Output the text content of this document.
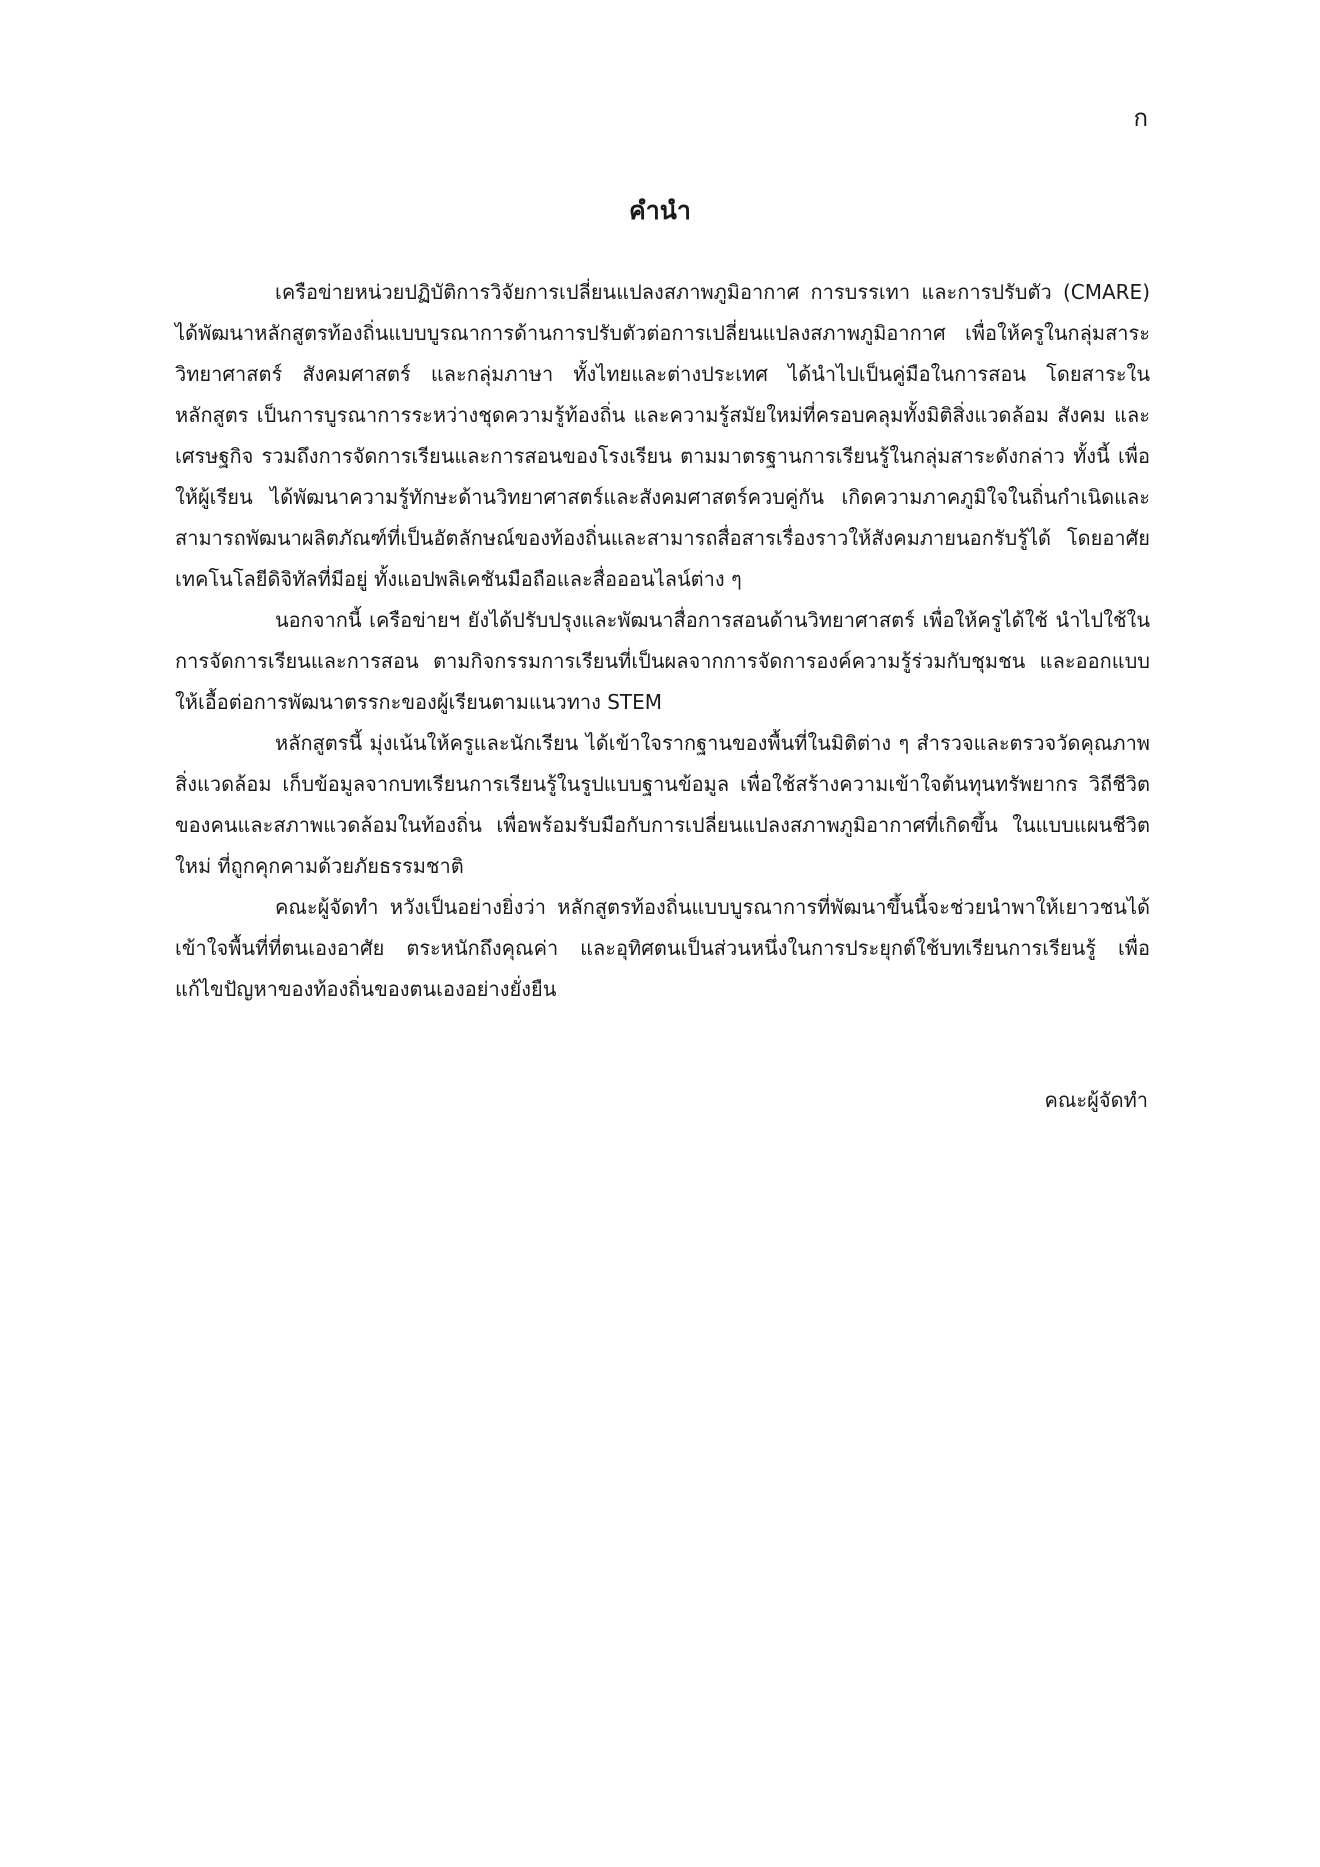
ก
คำนำ

เครือข่ายหน่วยปฏิบัติการวิจัยการเปลี่ยนแปลงสภาพภูมิอากาศ การบรรเทา และการปรับตัว (CMARE) ได้พัฒนาหลักสูตรท้องถิ่นแบบบูรณาการด้านการปรับตัวต่อการเปลี่ยนแปลงสภาพภูมิอากาศ เพื่อให้ครูในกลุ่มสาระวิทยาศาสตร์ สังคมศาสตร์ และกลุ่มภาษา ทั้งไทยและต่างประเทศ ได้นำไปเป็นคู่มือในการสอน โดยสาระในหลักสูตร เป็นการบูรณาการระหว่างชุดความรู้ท้องถิ่น และความรู้สมัยใหม่ที่ครอบคลุมทั้งมิติสิ่งแวดล้อม สังคม และเศรษฐกิจ รวมถึงการจัดการเรียนและการสอนของโรงเรียน ตามมาตรฐานการเรียนรู้ในกลุ่มสาระดังกล่าว ทั้งนี้ เพื่อให้ผู้เรียน ได้พัฒนาความรู้ทักษะด้านวิทยาศาสตร์และสังคมศาสตร์ควบคู่กัน เกิดความภาคภูมิใจในถิ่นกำเนิดและสามารถพัฒนาผลิตภัณฑ์ที่เป็นอัตลักษณ์ของท้องถิ่นและสามารถสื่อสารเรื่องราวให้สังคมภายนอกรับรู้ได้ โดยอาศัยเทคโนโลยีดิจิทัลที่มีอยู่ ทั้งแอปพลิเคชันมือถือและสื่อออนไลน์ต่าง ๆ

นอกจากนี้ เครือข่ายฯ ยังได้ปรับปรุงและพัฒนาสื่อการสอนด้านวิทยาศาสตร์ เพื่อให้ครูได้ใช้ นำไปใช้ในการจัดการเรียนและการสอน ตามกิจกรรมการเรียนที่เป็นผลจากการจัดการองค์ความรู้ร่วมกับชุมชน และออกแบบให้เอื้อต่อการพัฒนาตรรกะของผู้เรียนตามแนวทาง STEM

หลักสูตรนี้ มุ่งเน้นให้ครูและนักเรียน ได้เข้าใจรากฐานของพื้นที่ในมิติต่าง ๆ สำรวจและตรวจวัดคุณภาพสิ่งแวดล้อม เก็บข้อมูลจากบทเรียนการเรียนรู้ในรูปแบบฐานข้อมูล เพื่อใช้สร้างความเข้าใจต้นทุนทรัพยากร วิถีชีวิตของคนและสภาพแวดล้อมในท้องถิ่น เพื่อพร้อมรับมือกับการเปลี่ยนแปลงสภาพภูมิอากาศที่เกิดขึ้น ในแบบแผนชีวิตใหม่ ที่ถูกคุกคามด้วยภัยธรรมชาติ

คณะผู้จัดทำ หวังเป็นอย่างยิ่งว่า หลักสูตรท้องถิ่นแบบบูรณาการที่พัฒนาขึ้นนี้จะช่วยนำพาให้เยาวชนได้เข้าใจพื้นที่ที่ตนเองอาศัย ตระหนักถึงคุณค่า และอุทิศตนเป็นส่วนหนึ่งในการประยุกต์ใช้บทเรียนการเรียนรู้ เพื่อแก้ไขปัญหาของท้องถิ่นของตนเองอย่างยั่งยืน

คณะผู้จัดทำ
